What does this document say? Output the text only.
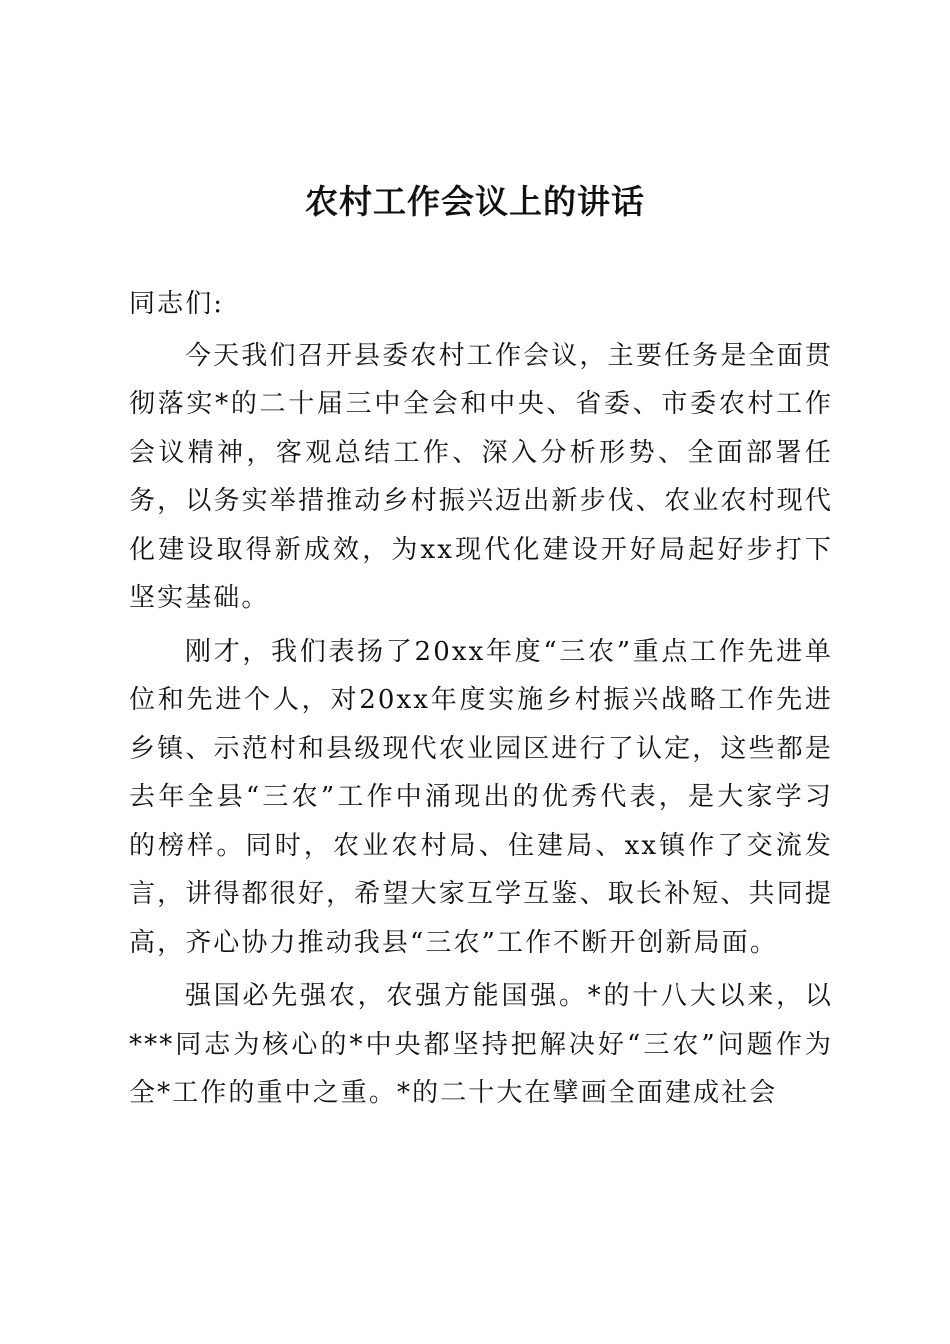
农村工作会议上的讲话

同志们:

今天我们召开县委农村工作会议，主要任务是全面贯彻落实*的二十届三中全会和中央、省委、市委农村工作会议精神，客观总结工作、深入分析形势、全面部署任务，以务实举措推动乡村振兴迈出新步伐、农业农村现代化建设取得新成效，为xx现代化建设开好局起好步打下坚实基础。

刚才，我们表扬了20xx年度“三农”重点工作先进单位和先进个人，对20xx年度实施乡村振兴战略工作先进乡镇、示范村和县级现代农业园区进行了认定，这些都是去年全县“三农”工作中涌现出的优秀代表，是大家学习的榜样。同时，农业农村局、住建局、xx镇作了交流发言，讲得都很好，希望大家互学互鉴、取长补短、共同提高，齐心协力推动我县“三农”工作不断开创新局面。

强国必先强农，农强方能国强。*的十八大以来，以***同志为核心的*中央都坚持把解决好“三农”问题作为全*工作的重中之重。*的二十大在擘画全面建成社会
